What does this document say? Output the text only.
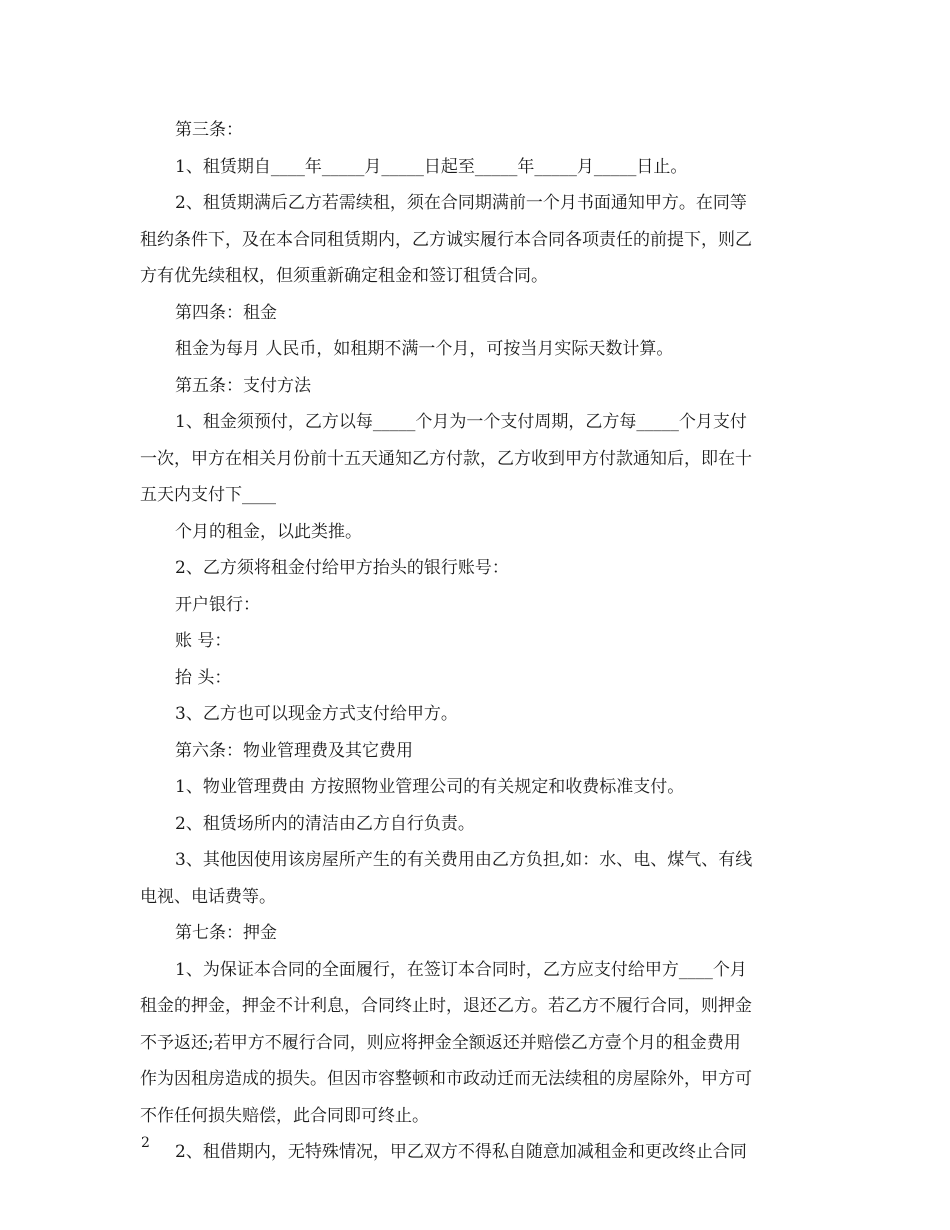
第三条：

1、租赁期自____年_____月_____日起至_____年_____月_____日止。

2、租赁期满后乙方若需续租，须在合同期满前一个月书面通知甲方。在同等

租约条件下，及在本合同租赁期内，乙方诚实履行本合同各项责任的前提下，则乙

方有优先续租权，但须重新确定租金和签订租赁合同。

第四条：租金

租金为每月 人民币，如租期不满一个月，可按当月实际天数计算。

第五条：支付方法

1、租金须预付，乙方以每_____个月为一个支付周期，乙方每_____个月支付

一次，甲方在相关月份前十五天通知乙方付款，乙方收到甲方付款通知后，即在十

五天内支付下____

个月的租金，以此类推。

2、乙方须将租金付给甲方抬头的银行账号：

开户银行：

账 号：

抬 头：

3、乙方也可以现金方式支付给甲方。

第六条：物业管理费及其它费用

1、物业管理费由 方按照物业管理公司的有关规定和收费标准支付。

2、租赁场所内的清洁由乙方自行负责。

3、其他因使用该房屋所产生的有关费用由乙方负担,如：水、电、煤气、有线

电视、电话费等。

第七条：押金

1、为保证本合同的全面履行，在签订本合同时，乙方应支付给甲方____个月

租金的押金，押金不计利息，合同终止时，退还乙方。若乙方不履行合同，则押金

不予返还;若甲方不履行合同，则应将押金全额返还并赔偿乙方壹个月的租金费用

作为因租房造成的损失。但因市容整顿和市政动迁而无法续租的房屋除外，甲方可

不作任何损失赔偿，此合同即可终止。

2、租借期内，无特殊情况，甲乙双方不得私自随意加减租金和更改终止合同

2
